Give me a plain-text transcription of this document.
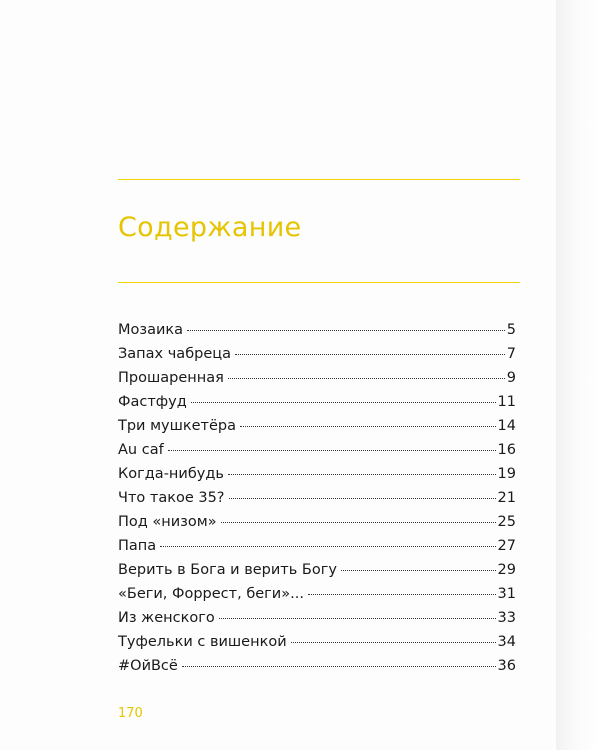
Содержание
Мозаика	5
Запах чабреца	7
Прошаренная	9
Фастфуд	11
Три мушкетёра	14
Au caf	16
Когда-нибудь	19
Что такое 35?	21
Под «низом»	25
Папа	27
Верить в Бога и верить Богу	29
«Беги, Форрест, беги»...	31
Из женского	33
Туфельки с вишенкой	34
#ОйВсё	36
170
